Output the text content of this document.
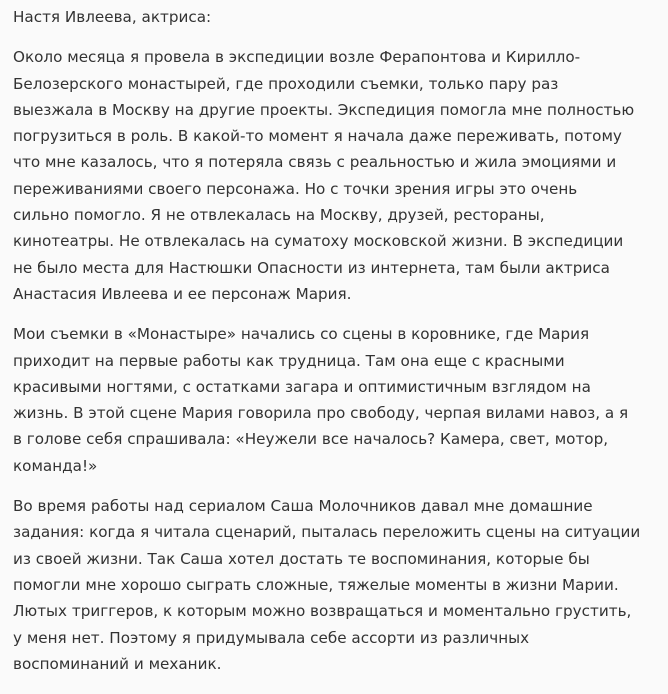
Настя Ивлеева, актриса:

Около месяца я провела в экспедиции возле Ферапонтова и Кирилло-
Белозерского монастырей, где проходили съемки, только пару раз
выезжала в Москву на другие проекты. Экспедиция помогла мне полностью
погрузиться в роль. В какой-то момент я начала даже переживать, потому
что мне казалось, что я потеряла связь с реальностью и жила эмоциями и
переживаниями своего персонажа. Но с точки зрения игры это очень
сильно помогло. Я не отвлекалась на Москву, друзей, рестораны,
кинотеатры. Не отвлекалась на суматоху московской жизни. В экспедиции
не было места для Настюшки Опасности из интернета, там были актриса
Анастасия Ивлеева и ее персонаж Мария.

Мои съемки в «Монастыре» начались со сцены в коровнике, где Мария
приходит на первые работы как трудница. Там она еще с красными
красивыми ногтями, с остатками загара и оптимистичным взглядом на
жизнь. В этой сцене Мария говорила про свободу, черпая вилами навоз, а я
в голове себя спрашивала: «Неужели все началось? Камера, свет, мотор,
команда!»

Во время работы над сериалом Саша Молочников давал мне домашние
задания: когда я читала сценарий, пыталась переложить сцены на ситуации
из своей жизни. Так Саша хотел достать те воспоминания, которые бы
помогли мне хорошо сыграть сложные, тяжелые моменты в жизни Марии.
Лютых триггеров, к которым можно возвращаться и моментально грустить,
у меня нет. Поэтому я придумывала себе ассорти из различных
воспоминаний и механик.
